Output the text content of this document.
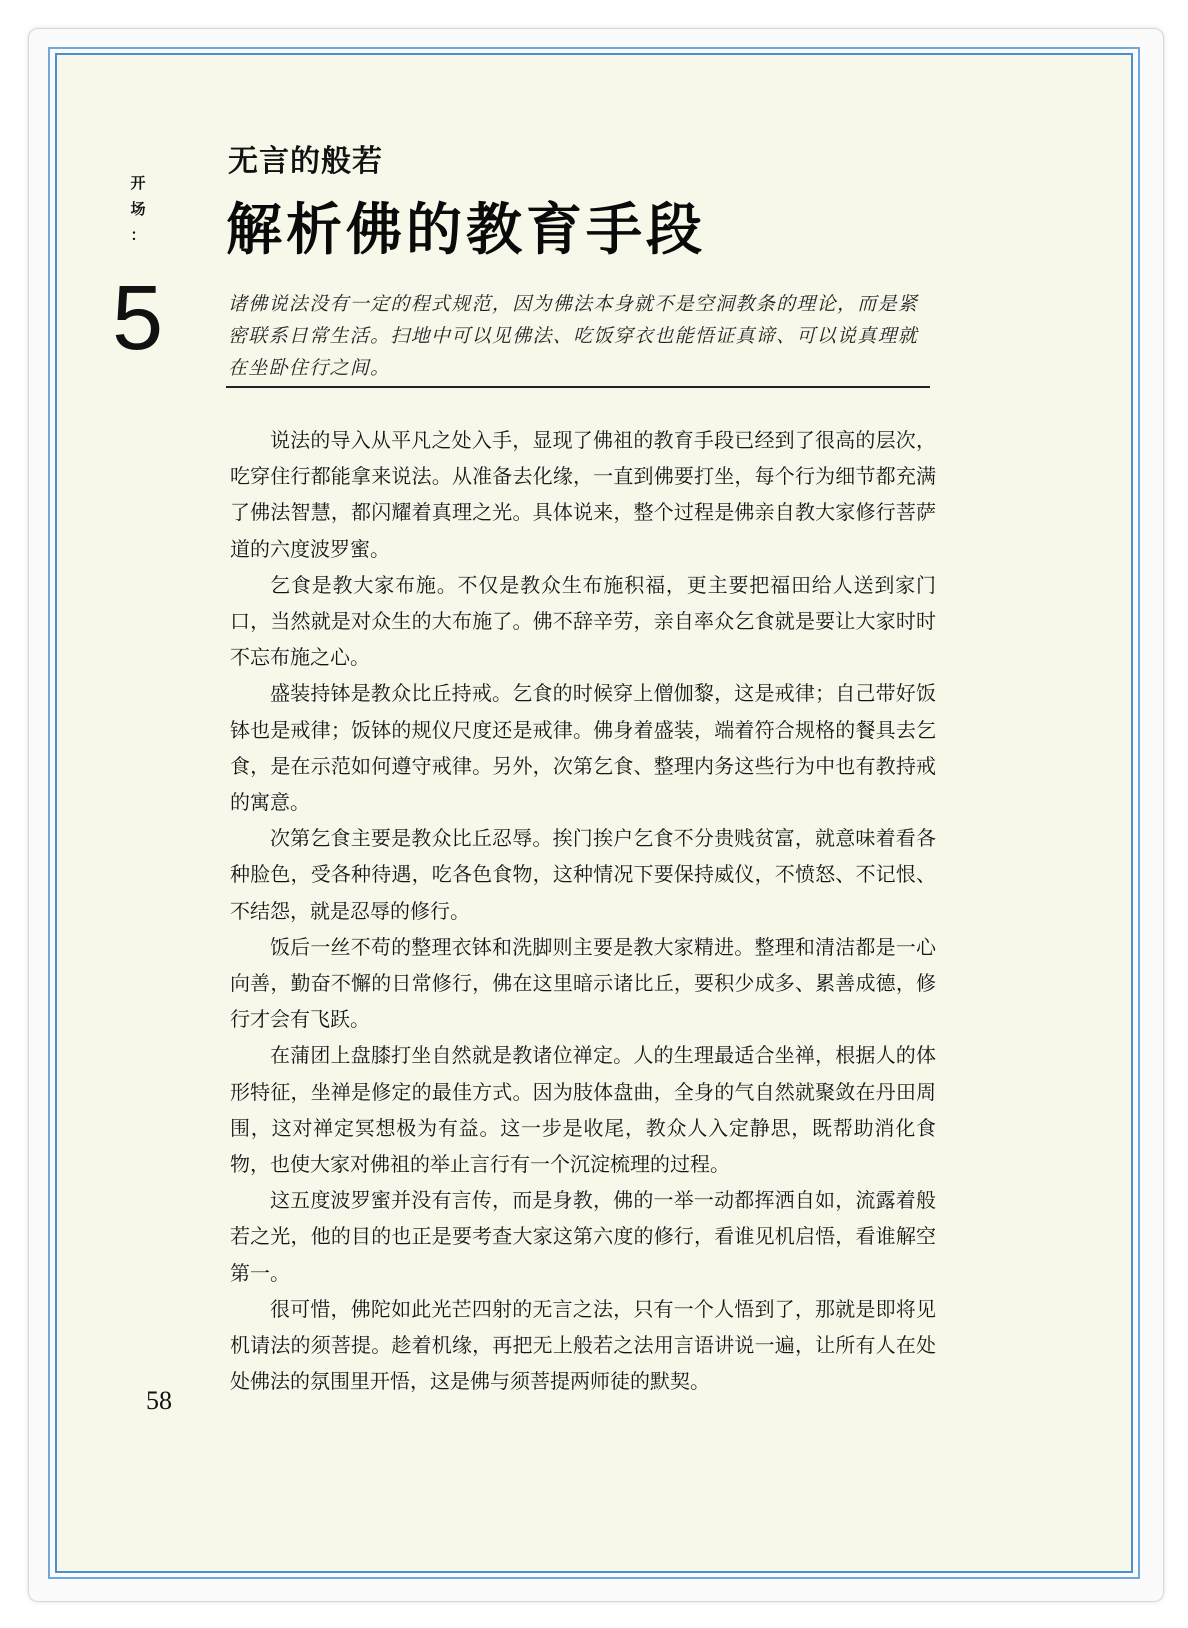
开
场
：
5
无言的般若
解析佛的教育手段
诸佛说法没有一定的程式规范，因为佛法本身就不是空洞教条的理论，而是紧密联系日常生活。扫地中可以见佛法、吃饭穿衣也能悟证真谛、可以说真理就在坐卧住行之间。

说法的导入从平凡之处入手，显现了佛祖的教育手段已经到了很高的层次，吃穿住行都能拿来说法。从准备去化缘，一直到佛要打坐，每个行为细节都充满了佛法智慧，都闪耀着真理之光。具体说来，整个过程是佛亲自教大家修行菩萨道的六度波罗蜜。

乞食是教大家布施。不仅是教众生布施积福，更主要把福田给人送到家门口，当然就是对众生的大布施了。佛不辞辛劳，亲自率众乞食就是要让大家时时不忘布施之心。

盛装持钵是教众比丘持戒。乞食的时候穿上僧伽黎，这是戒律；自己带好饭钵也是戒律；饭钵的规仪尺度还是戒律。佛身着盛装，端着符合规格的餐具去乞食，是在示范如何遵守戒律。另外，次第乞食、整理内务这些行为中也有教持戒的寓意。

次第乞食主要是教众比丘忍辱。挨门挨户乞食不分贵贱贫富，就意味着看各种脸色，受各种待遇，吃各色食物，这种情况下要保持威仪，不愤怒、不记恨、不结怨，就是忍辱的修行。

饭后一丝不苟的整理衣钵和洗脚则主要是教大家精进。整理和清洁都是一心向善，勤奋不懈的日常修行，佛在这里暗示诸比丘，要积少成多、累善成德，修行才会有飞跃。

在蒲团上盘膝打坐自然就是教诸位禅定。人的生理最适合坐禅，根据人的体形特征，坐禅是修定的最佳方式。因为肢体盘曲，全身的气自然就聚敛在丹田周围，这对禅定冥想极为有益。这一步是收尾，教众人入定静思，既帮助消化食物，也使大家对佛祖的举止言行有一个沉淀梳理的过程。

这五度波罗蜜并没有言传，而是身教，佛的一举一动都挥洒自如，流露着般若之光，他的目的也正是要考查大家这第六度的修行，看谁见机启悟，看谁解空第一。

很可惜，佛陀如此光芒四射的无言之法，只有一个人悟到了，那就是即将见机请法的须菩提。趁着机缘，再把无上般若之法用言语讲说一遍，让所有人在处处佛法的氛围里开悟，这是佛与须菩提两师徒的默契。

58
